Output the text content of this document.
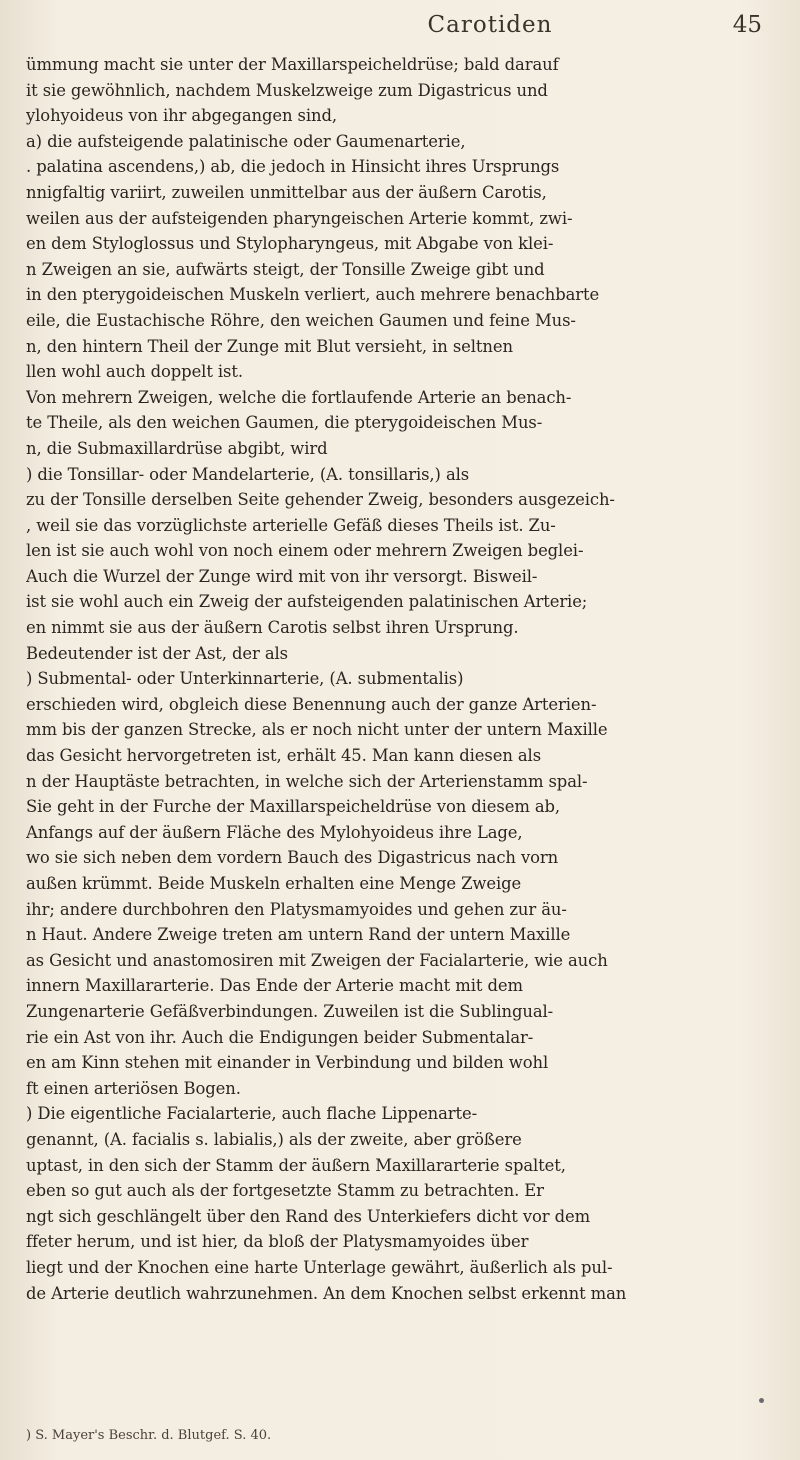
Carotiden	45
ümmung macht sie unter der Maxillarspeicheldrüse; bald darauf
it sie gewöhnlich, nachdem Muskelzweige zum Digastricus und
ylohyoideus von ihr abgegangen sind,
a) die aufsteigende palatinische oder Gaumenarterie,
. palatina ascendens,) ab, die jedoch in Hinsicht ihres Ursprungs
nnigfaltig variirt, zuweilen unmittelbar aus der äußern Carotis,
weilen aus der aufsteigenden pharyngeischen Arterie kommt, zwi-
en dem Styloglossus und Stylopharyngeus, mit Abgabe von klei-
n Zweigen an sie, aufwärts steigt, der Tonsille Zweige gibt und
in den pterygoideischen Muskeln verliert, auch mehrere benachbarte
eile, die Eustachische Röhre, den weichen Gaumen und feine Mus-
n, den hintern Theil der Zunge mit Blut versieht, in seltnen
llen wohl auch doppelt ist.
Von mehrern Zweigen, welche die fortlaufende Arterie an benach-
te Theile, als den weichen Gaumen, die pterygoideischen Mus-
n, die Submaxillardrüse abgibt, wird
) die Tonsillar- oder Mandelarterie, (A. tonsillaris,) als
zu der Tonsille derselben Seite gehender Zweig, besonders ausgezeich-
, weil sie das vorzüglichste arterielle Gefäß dieses Theils ist. Zu-
len ist sie auch wohl von noch einem oder mehrern Zweigen beglei-
Auch die Wurzel der Zunge wird mit von ihr versorgt. Bisweil-
ist sie wohl auch ein Zweig der aufsteigenden palatinischen Arterie;
en nimmt sie aus der äußern Carotis selbst ihren Ursprung.
Bedeutender ist der Ast, der als
) Submental- oder Unterkinnarterie, (A. submentalis)
erschieden wird, obgleich diese Benennung auch der ganze Arterien-
mm bis der ganzen Strecke, als er noch nicht unter der untern Maxille
das Gesicht hervorgetreten ist, erhält 45. Man kann diesen als
n der Hauptäste betrachten, in welche sich der Arterienstamm spal-
Sie geht in der Furche der Maxillarspeicheldrüse von diesem ab,
Anfangs auf der äußern Fläche des Mylohyoideus ihre Lage,
wo sie sich neben dem vordern Bauch des Digastricus nach vorn
außen krümmt. Beide Muskeln erhalten eine Menge Zweige
ihr; andere durchbohren den Platysmamyoides und gehen zur äu-
n Haut. Andere Zweige treten am untern Rand der untern Maxille
as Gesicht und anastomosiren mit Zweigen der Facialarterie, wie auch
innern Maxillararterie. Das Ende der Arterie macht mit dem
Zungenarterie Gefäßverbindungen. Zuweilen ist die Sublingual-
rie ein Ast von ihr. Auch die Endigungen beider Submentalar-
en am Kinn stehen mit einander in Verbindung und bilden wohl
ft einen arteriösen Bogen.
) Die eigentliche Facialarterie, auch flache Lippenarte-
genannt, (A. facialis s. labialis,) als der zweite, aber größere
uptast, in den sich der Stamm der äußern Maxillararterie spaltet,
eben so gut auch als der fortgesetzte Stamm zu betrachten. Er
ngt sich geschlängelt über den Rand des Unterkiefers dicht vor dem
ffeter herum, und ist hier, da bloß der Platysmamyoides über
liegt und der Knochen eine harte Unterlage gewährt, äußerlich als pul-
de Arterie deutlich wahrzunehmen. An dem Knochen selbst erkennt man
) S. Mayer's Beschr. d. Blutgef. S. 40.
